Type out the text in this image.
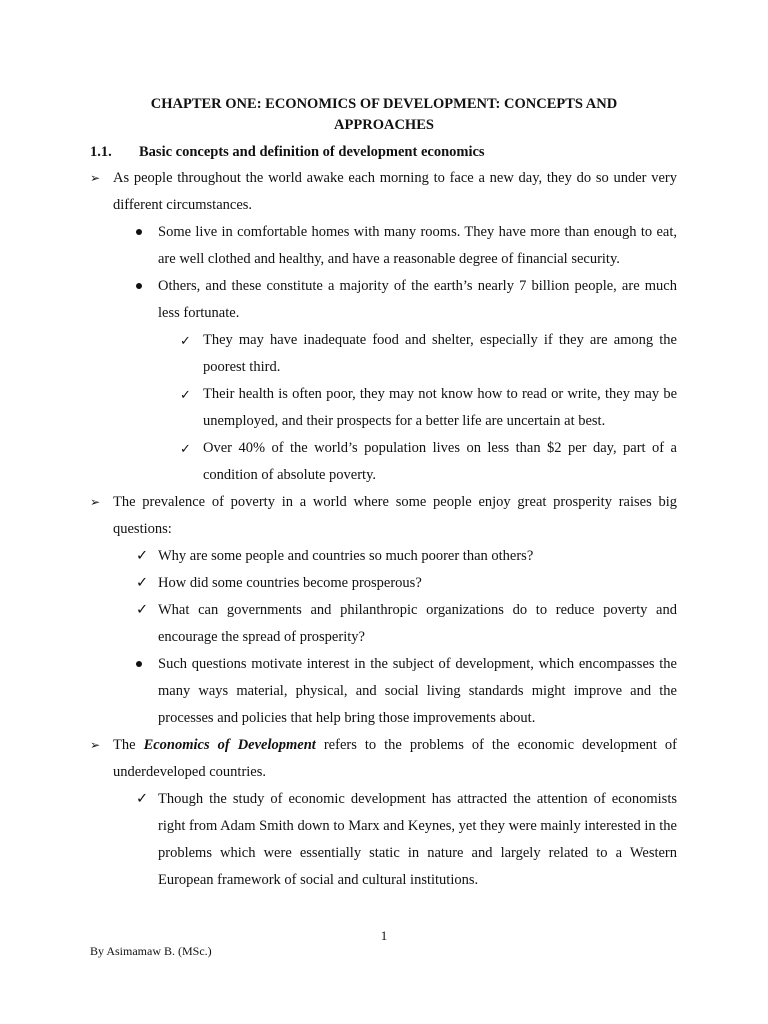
CHAPTER ONE: ECONOMICS OF DEVELOPMENT: CONCEPTS AND
APPROACHES
1.1. Basic concepts and definition of development economics
➢ As people throughout the world awake each morning to face a new day, they do so under very different circumstances.
Some live in comfortable homes with many rooms. They have more than enough to eat, are well clothed and healthy, and have a reasonable degree of financial security.
Others, and these constitute a majority of the earth’s nearly 7 billion people, are much less fortunate.
✓ They may have inadequate food and shelter, especially if they are among the poorest third.
✓ Their health is often poor, they may not know how to read or write, they may be unemployed, and their prospects for a better life are uncertain at best.
✓ Over 40% of the world’s population lives on less than $2 per day, part of a condition of absolute poverty.
➢ The prevalence of poverty in a world where some people enjoy great prosperity raises big questions:
✓ Why are some people and countries so much poorer than others?
✓ How did some countries become prosperous?
✓ What can governments and philanthropic organizations do to reduce poverty and encourage the spread of prosperity?
Such questions motivate interest in the subject of development, which encompasses the many ways material, physical, and social living standards might improve and the processes and policies that help bring those improvements about.
➢ The Economics of Development refers to the problems of the economic development of underdeveloped countries.
✓ Though the study of economic development has attracted the attention of economists right from Adam Smith down to Marx and Keynes, yet they were mainly interested in the problems which were essentially static in nature and largely related to a Western European framework of social and cultural institutions.
1
By Asimamaw B. (MSc.)
